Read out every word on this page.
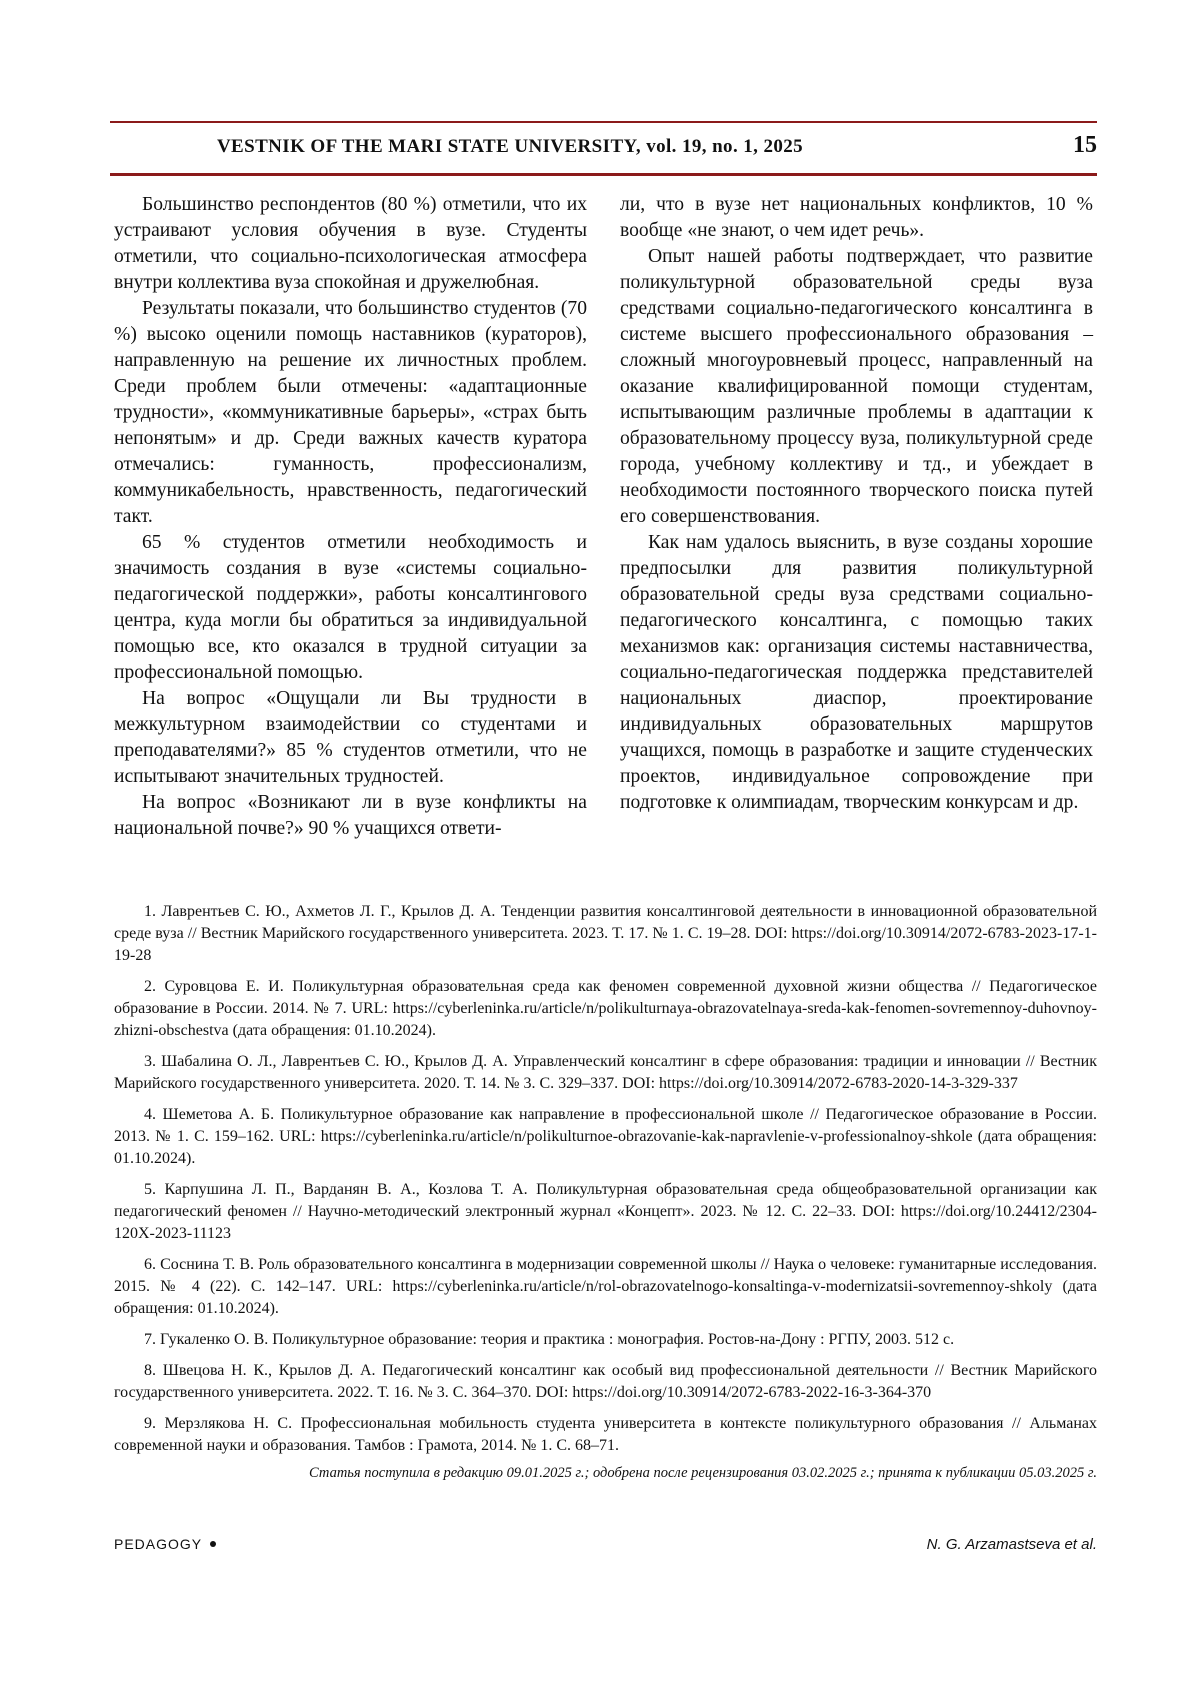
VESTNIK OF THE MARI STATE UNIVERSITY, vol. 19, no. 1, 2025	15

Большинство респондентов (80 %) отметили, что их устраивают условия обучения в вузе. Студенты отметили, что социально-психологическая атмосфера внутри коллектива вуза спокойная и дружелюбная.

Результаты показали, что большинство студентов (70 %) высоко оценили помощь наставников (кураторов), направленную на решение их личностных проблем. Среди проблем были отмечены: «адаптационные трудности», «коммуникативные барьеры», «страх быть непонятым» и др. Среди важных качеств куратора отмечались: гуманность, профессионализм, коммуникабельность, нравственность, педагогический такт.

65 % студентов отметили необходимость и значимость создания в вузе «системы социально-педагогической поддержки», работы консалтингового центра, куда могли бы обратиться за индивидуальной помощью все, кто оказался в трудной ситуации за профессиональной помощью.

На вопрос «Ощущали ли Вы трудности в межкультурном взаимодействии со студентами и преподавателями?» 85 % студентов отметили, что не испытывают значительных трудностей.

На вопрос «Возникают ли в вузе конфликты на национальной почве?» 90 % учащихся ответи-

ли, что в вузе нет национальных конфликтов, 10 % вообще «не знают, о чем идет речь».

Опыт нашей работы подтверждает, что развитие поликультурной образовательной среды вуза средствами социально-педагогического консалтинга в системе высшего профессионального образования – сложный многоуровневый процесс, направленный на оказание квалифицированной помощи студентам, испытывающим различные проблемы в адаптации к образовательному процессу вуза, поликультурной среде города, учебному коллективу и тд., и убеждает в необходимости постоянного творческого поиска путей его совершенствования.

Как нам удалось выяснить, в вузе созданы хорошие предпосылки для развития поликультурной образовательной среды вуза средствами социально-педагогического консалтинга, с помощью таких механизмов как: организация системы наставничества, социально-педагогическая поддержка представителей национальных диаспор, проектирование индивидуальных образовательных маршрутов учащихся, помощь в разработке и защите студенческих проектов, индивидуальное сопровождение при подготовке к олимпиадам, творческим конкурсам и др.

1. Лаврентьев С. Ю., Ахметов Л. Г., Крылов Д. А. Тенденции развития консалтинговой деятельности в инновационной образовательной среде вуза // Вестник Марийского государственного университета. 2023. Т. 17. № 1. С. 19–28. DOI: https://doi.org/10.30914/2072-6783-2023-17-1-19-28

2. Суровцова Е. И. Поликультурная образовательная среда как феномен современной духовной жизни общества // Педагогическое образование в России. 2014. № 7. URL: https://cyberleninka.ru/article/n/polikulturnaya-obrazovatelnaya-sreda-kak-fenomen-sovremennoy-duhovnoy-zhizni-obschestva (дата обращения: 01.10.2024).

3. Шабалина О. Л., Лаврентьев С. Ю., Крылов Д. А. Управленческий консалтинг в сфере образования: традиции и инновации // Вестник Марийского государственного университета. 2020. Т. 14. № 3. С. 329–337. DOI: https://doi.org/10.30914/2072-6783-2020-14-3-329-337

4. Шеметова А. Б. Поликультурное образование как направление в профессиональной школе // Педагогическое образование в России. 2013. № 1. С. 159–162. URL: https://cyberleninka.ru/article/n/polikulturnoe-obrazovanie-kak-napravlenie-v-professionalnoy-shkole (дата обращения: 01.10.2024).

5. Карпушина Л. П., Варданян В. А., Козлова Т. А. Поликультурная образовательная среда общеобразовательной организации как педагогический феномен // Научно-методический электронный журнал «Концепт». 2023. № 12. С. 22–33. DOI: https://doi.org/10.24412/2304-120X-2023-11123

6. Соснина Т. В. Роль образовательного консалтинга в модернизации современной школы // Наука о человеке: гуманитарные исследования. 2015. № 4 (22). С. 142–147. URL: https://cyberleninka.ru/article/n/rol-obrazovatelnogo-konsaltinga-v-modernizatsii-sovremennoy-shkoly (дата обращения: 01.10.2024).

7. Гукаленко О. В. Поликультурное образование: теория и практика : монография. Ростов-на-Дону : РГПУ, 2003. 512 с.

8. Швецова Н. К., Крылов Д. А. Педагогический консалтинг как особый вид профессиональной деятельности // Вестник Марийского государственного университета. 2022. Т. 16. № 3. С. 364–370. DOI: https://doi.org/10.30914/2072-6783-2022-16-3-364-370

9. Мерзлякова Н. С. Профессиональная мобильность студента университета в контексте поликультурного образования // Альманах современной науки и образования. Тамбов : Грамота, 2014. № 1. С. 68–71.

Статья поступила в редакцию 09.01.2025 г.; одобрена после рецензирования 03.02.2025 г.; принята к публикации 05.03.2025 г.
PEDAGOGY	N. G. Arzamastseva et al.
